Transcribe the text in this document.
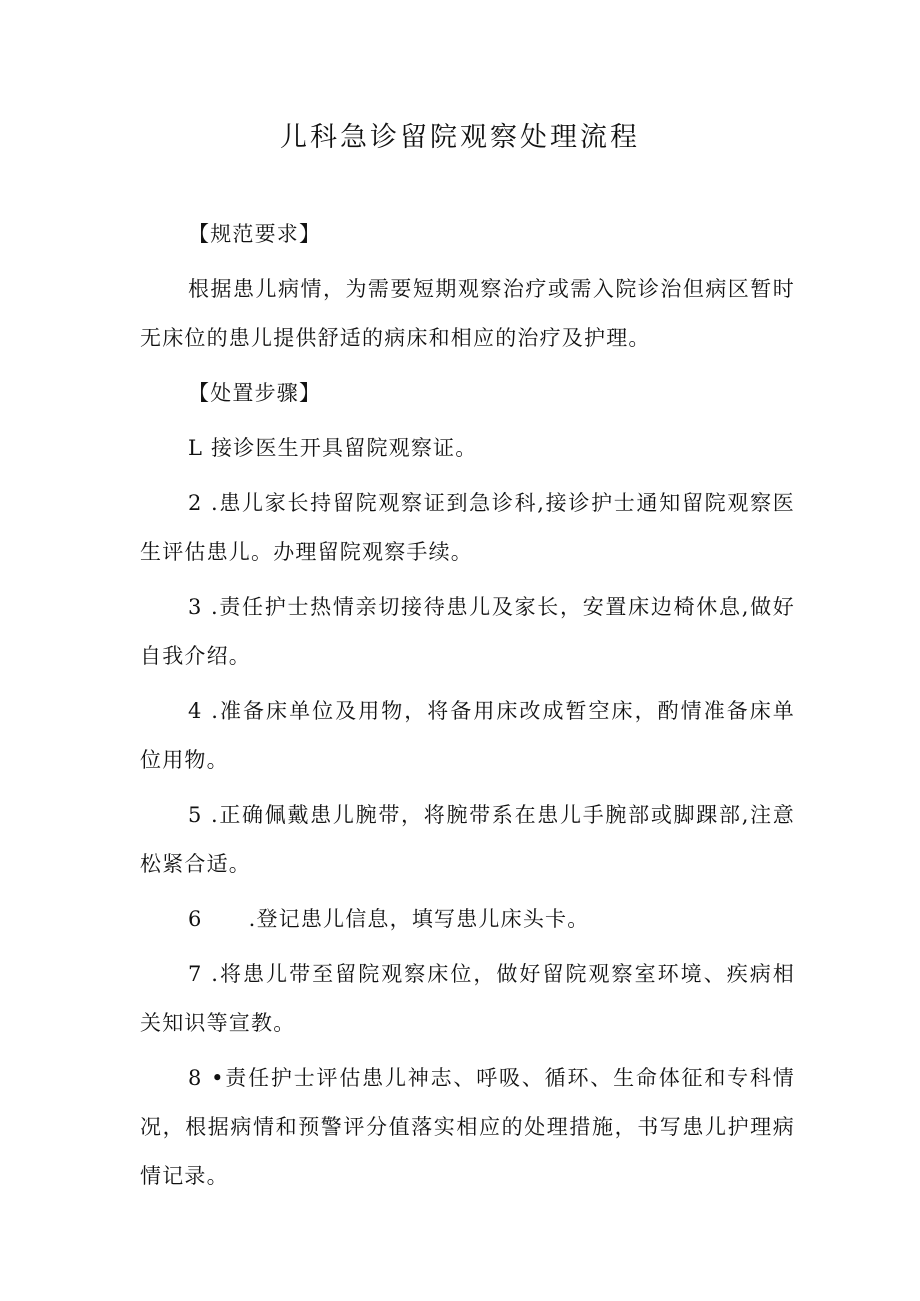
儿科急诊留院观察处理流程
【规范要求】

根据患儿病情，为需要短期观察治疗或需入院诊治但病区暂时无床位的患儿提供舒适的病床和相应的治疗及护理。

【处置步骤】

L 接诊医生开具留院观察证。

2 .患儿家长持留院观察证到急诊科,接诊护士通知留院观察医生评估患儿。办理留院观察手续。

3 .责任护士热情亲切接待患儿及家长，安置床边椅休息,做好自我介绍。

4 .准备床单位及用物，将备用床改成暂空床，酌情准备床单位用物。

5 .正确佩戴患儿腕带，将腕带系在患儿手腕部或脚踝部,注意松紧合适。

6 .登记患儿信息，填写患儿床头卡。

7 .将患儿带至留院观察床位，做好留院观察室环境、疾病相关知识等宣教。

8 •责任护士评估患儿神志、呼吸、循环、生命体征和专科情况，根据病情和预警评分值落实相应的处理措施，书写患儿护理病情记录。
